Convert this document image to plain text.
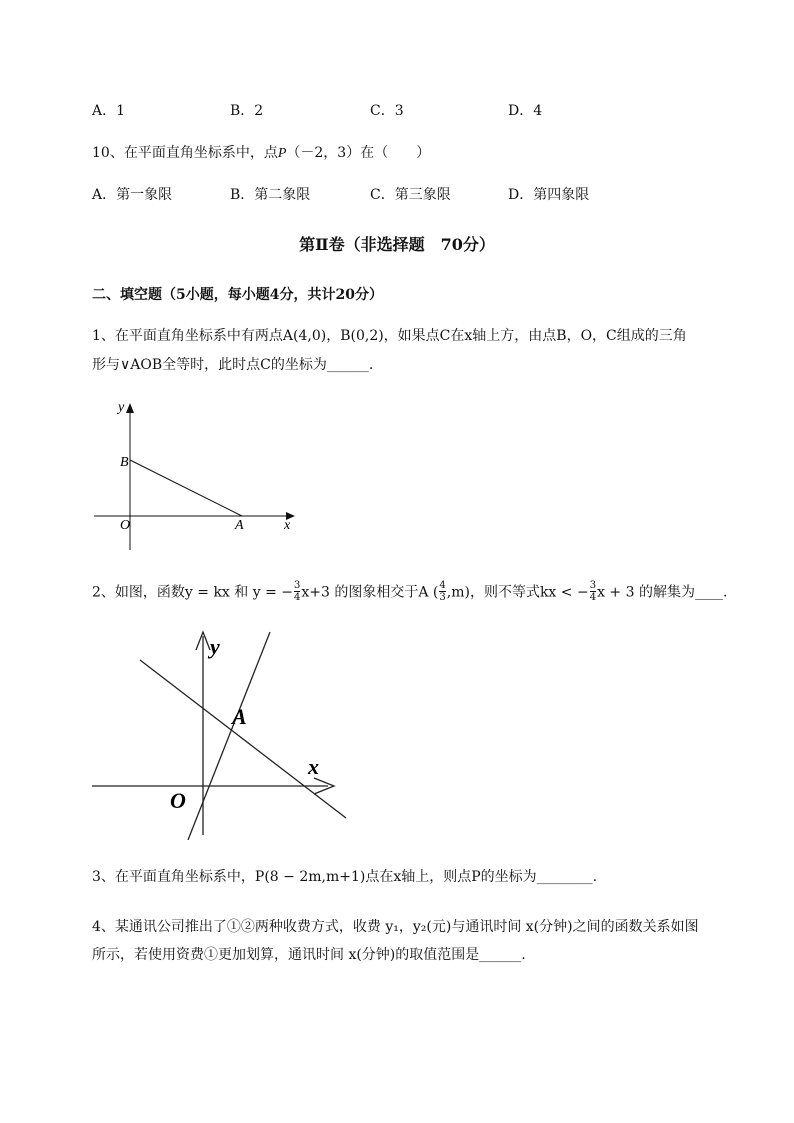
A．1	B．2	C．3	D．4
10、在平面直角坐标系中，点P（－2，3）在（　　）
A．第一象限	B．第二象限	C．第三象限	D．第四象限
第Ⅱ卷（非选择题　70分）
二、填空题（5小题，每小题4分，共计20分）
1、在平面直角坐标系中有两点A(4,0)，B(0,2)，如果点C在x轴上方，由点B，O，C组成的三角
形与∨AOB全等时，此时点C的坐标为______.
y
x
B
O	A
2、如图，函数y = kx 和 y = − $\frac{3}{4} x+3$ 的图象相交于A ( $\frac{4}{3} ,m$)，则不等式kx < − $\frac{3}{4}$ x + 3 的解集为____.
y
x
A
O
3、在平面直角坐标系中，P(8 − 2m,m+1)点在x轴上，则点P的坐标为________.
4、某通讯公司推出了①②两种收费方式，收费 y₁，y₂(元)与通讯时间 x(分钟)之间的函数关系如图
所示，若使用资费①更加划算，通讯时间 x(分钟)的取值范围是______.
